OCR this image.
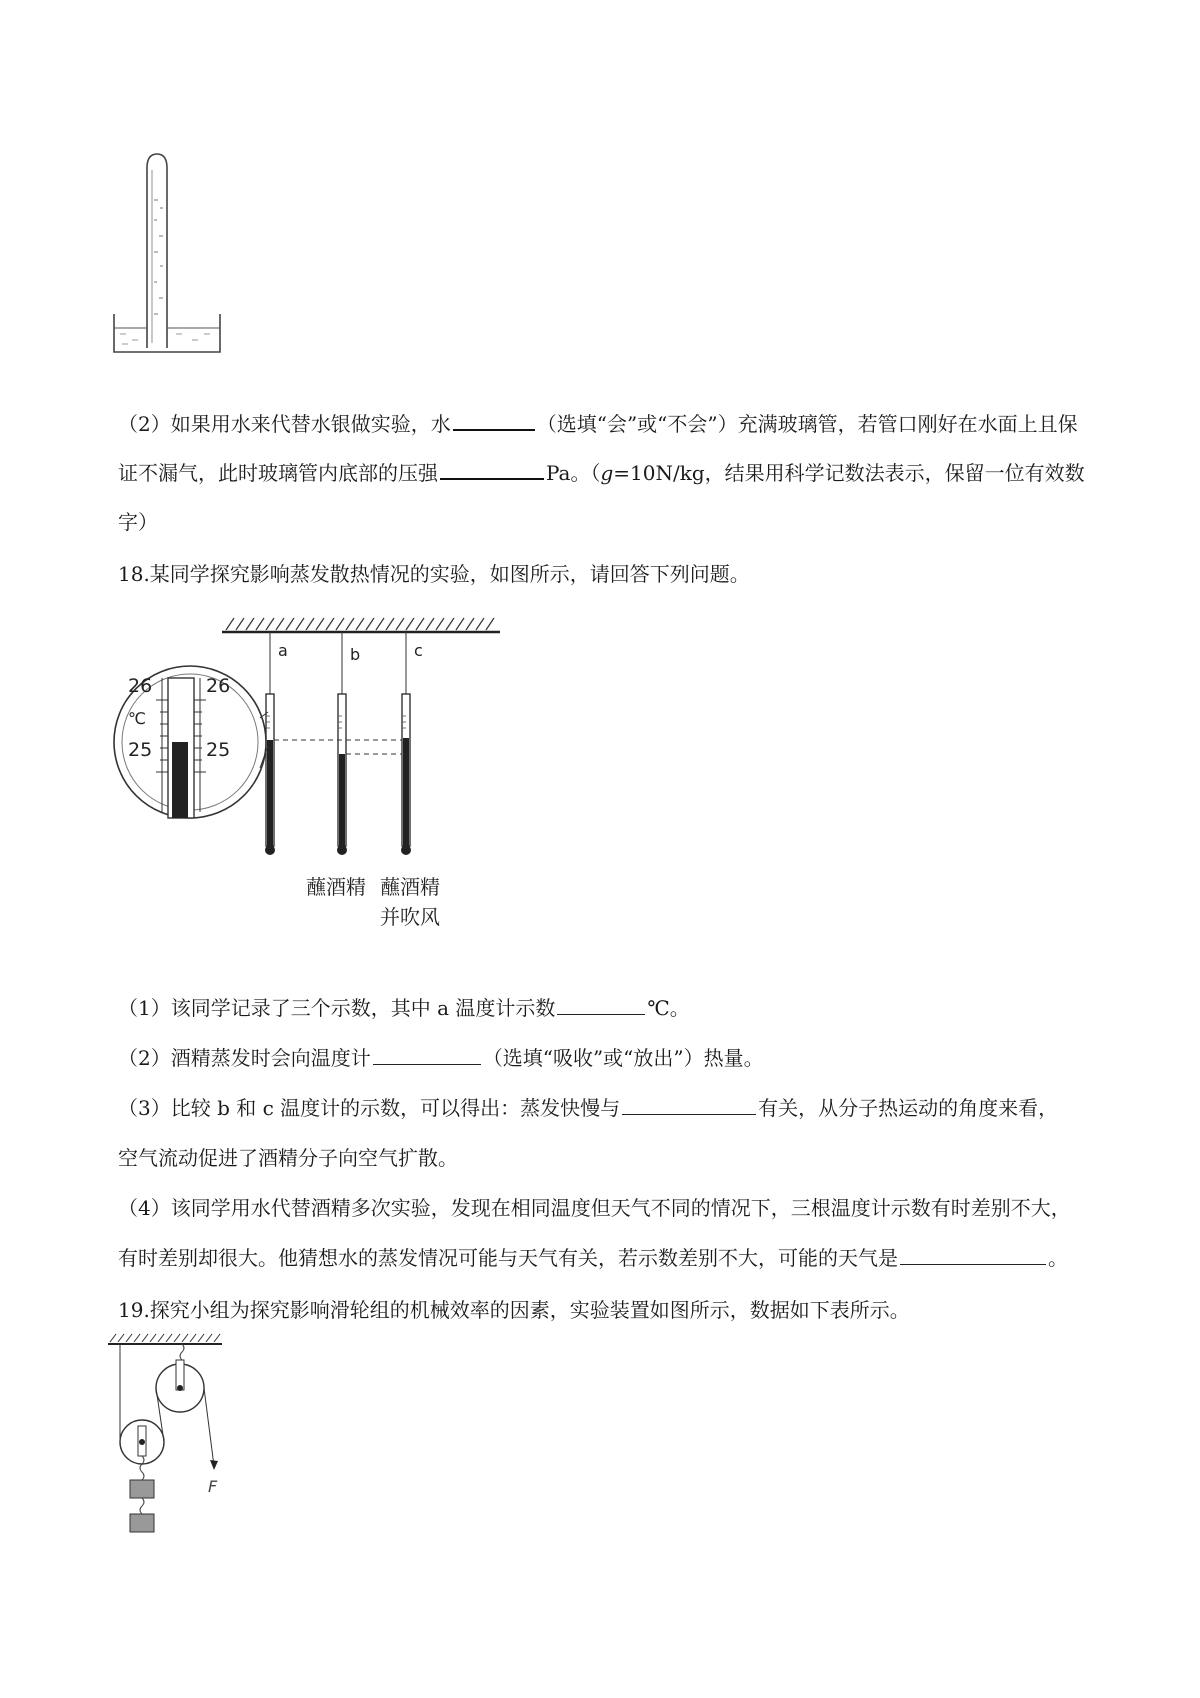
（2）如果用水来代替水银做实验，水	（选填“会”或“不会”）充满玻璃管，若管口刚好在水面上且保
证不漏气，此时玻璃管内底部的压强	Pa。（g=10N/kg，结果用科学记数法表示，保留一位有效数
字）
18.某同学探究影响蒸发散热情况的实验，如图所示，请回答下列问题。
a	b	c
26	26
℃
25	25
蘸酒精 蘸酒精
并吹风
（1）该同学记录了三个示数，其中 a 温度计示数	℃。
（2）酒精蒸发时会向温度计	（选填“吸收”或“放出”）热量。
（3）比较 b 和 c 温度计的示数，可以得出：蒸发快慢与	有关，从分子热运动的角度来看，
空气流动促进了酒精分子向空气扩散。
（4）该同学用水代替酒精多次实验，发现在相同温度但天气不同的情况下，三根温度计示数有时差别不大，
有时差别却很大。他猜想水的蒸发情况可能与天气有关，若示数差别不大，可能的天气是	。
19.探究小组为探究影响滑轮组的机械效率的因素，实验装置如图所示，数据如下表所示。
F
